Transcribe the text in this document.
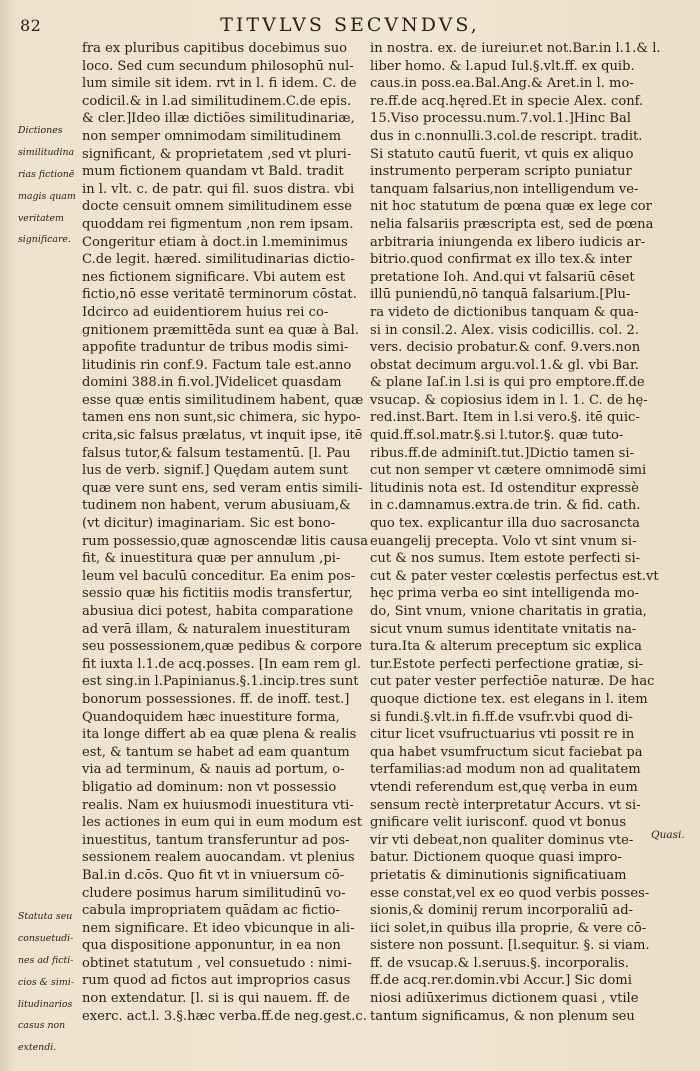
82	TITVLVS SECVNDVS,

Dictiones

similitudina

rias fictionē

magis quam

veritatem

significare.

Statuta seu

consuetudi-

nes ad ficti-

cios & simi-

litudinarios

casus non

extendi.

Quasi.

fra ex pluribus capitibus docebimus suo

loco. Sed cum secundum philosophū nul-

lum simile sit idem. rvt in l. fi idem. C. de

codicil.& in l.ad similitudinem.C.de epis.

& cler.]Ideo illæ dictiões similitudinariæ,

non semper omnimodam similitudinem

significant, & proprietatem ,sed vt pluri-

mum fictionem quandam vt Bald. tradit

in l. vlt. c. de patr. qui fil. suos distra. vbi

docte censuit omnem similitudinem esse

quoddam rei figmentum ,non rem ipsam.

Congeritur etiam à doct.in l.meminimus

C.de legit. hæred. similitudinarias dictio-

nes fictionem significare. Vbi autem est

fictio,nō esse veritatē terminorum cōstat.

Idcirco ad euidentiorem huius rei co-

gnitionem præmittēda sunt ea quæ à Bal.

appofite traduntur de tribus modis simi-

litudinis rin conf.9. Factum tale est.anno

domini 388.in fi.vol.]Videlicet quasdam

esse quæ entis similitudinem habent, quæ

tamen ens non sunt,sic chimera, sic hypo-

crita,sic falsus prælatus, vt inquit ipse, itē

falsus tutor,& falsum testamentū. [l. Pau

lus de verb. signif.] Quędam autem sunt

quæ vere sunt ens, sed veram entis simili-

tudinem non habent, verum abusiuam,&

(vt dicitur) imaginariam. Sic est bono-

rum possessio,quæ agnoscendæ litis causa

fit, & inuestitura quæ per annulum ,pi-

leum vel baculū conceditur. Ea enim pos-

sessio quæ his fictitiis modis transfertur,

abusiua dici potest, habita comparatione

ad verā illam, & naturalem inuestituram

seu possessionem,quæ pedibus & corpore

fit iuxta l.1.de acq.posses. [In eam rem gl.

est sing.in l.Papinianus.§.1.incip.tres sunt

bonorum possessiones. ff. de inoff. test.]

Quandoquidem hæc inuestiture forma,

ita longe differt ab ea quæ plena & realis

est, & tantum se habet ad eam quantum

via ad terminum, & nauis ad portum, o-

bligatio ad dominum: non vt possessio

realis. Nam ex huiusmodi inuestitura vti-

les actiones in eum qui in eum modum est

inuestitus, tantum transferuntur ad pos-

sessionem realem auocandam. vt plenius

Bal.in d.cōs. Quo fit vt in vniuersum cō-

cludere posimus harum similitudinū vo-

cabula impropriatem quādam ac fictio-

nem significare. Et ideo vbicunque in ali-

qua dispositione apponuntur, in ea non

obtinet statutum , vel consuetudo : nimi-

rum quod ad fictos aut improprios casus

non extendatur. [l. si is qui nauem. ff. de

exerc. act.l. 3.§.hæc verba.ff.de neg.gest.c.

in nostra. ex. de iureiur.et not.Bar.in l.1.& l.

liber homo. & l.apud Iul.§.vlt.ff. ex quib.

caus.in poss.ea.Bal.Ang.& Aret.in l. mo-

re.ff.de acq.hęred.Et in specie Alex. conf.

15.Viso processu.num.7.vol.1.]Hinc Bal

dus in c.nonnulli.3.col.de rescript. tradit.

Si statuto cautū fuerit, vt quis ex aliquo

instrumento perperam scripto puniatur

tanquam falsarius,non intelligendum ve-

nit hoc statutum de pœna quæ ex lege cor

nelia falsariis præscripta est, sed de pœna

arbitraria iniungenda ex libero iudicis ar-

bitrio.quod confirmat ex illo tex.& inter

pretatione Ioh. And.qui vt falsariū cēset

illū puniendū,nō tanquā falsarium.[Plu-

ra videto de dictionibus tanquam & qua-

si in consil.2. Alex. visis codicillis. col. 2.

vers. decisio probatur.& conf. 9.vers.non

obstat decimum argu.vol.1.& gl. vbi Bar.

& plane Iaſ.in l.si is qui pro emptore.ff.de

vsucap. & copiosius idem in l. 1. C. de hę-

red.inst.Bart. Item in l.si vero.§. itē quic-

quid.ff.sol.matr.§.si l.tutor.§. quæ tuto-

ribus.ff.de adminiſt.tut.]Dictio tamen si-

cut non semper vt cætere omnimodē simi

litudinis nota est. Id ostenditur expressè

in c.damnamus.extra.de trin. & fid. cath.

quo tex. explicantur illa duo sacrosancta

euangelij precepta. Volo vt sint vnum si-

cut & nos sumus. Item estote perfecti si-

cut & pater vester cœlestis perfectus est.vt

hęc prima verba eo sint intelligenda mo-

do, Sint vnum, vnione charitatis in gratia,

sicut vnum sumus identitate vnitatis na-

tura.Ita & alterum preceptum sic explica

tur.Estote perfecti perfectione gratiæ, si-

cut pater vester perfectiōe naturæ. De hac

quoque dictione tex. est elegans in l. item

si fundi.§.vlt.in fi.ff.de vsufr.vbi quod di-

citur licet vsufructuarius vti possit re in

qua habet vsumfructum sicut faciebat pa

terfamilias:ad modum non ad qualitatem

vtendi referendum est,quę verba in eum

sensum rectè interpretatur Accurs. vt si-

gnificare velit iurisconf. quod vt bonus

vir vti debeat,non qualiter dominus vte-

batur. Dictionem quoque quasi impro-

prietatis & diminutionis significatiuam

esse constat,vel ex eo quod verbis posses-

sionis,& dominij rerum incorporaliū ad-

iici solet,in quibus illa proprie, & vere cō-

sistere non possunt. [l.sequitur. §. si viam.

ff. de vsucap.& l.seruus.§. incorporalis.

ff.de acq.rer.domin.vbi Accur.] Sic domi

niosi adiūxerimus dictionem quasi , vtile

tantum significamus, & non plenum seu
